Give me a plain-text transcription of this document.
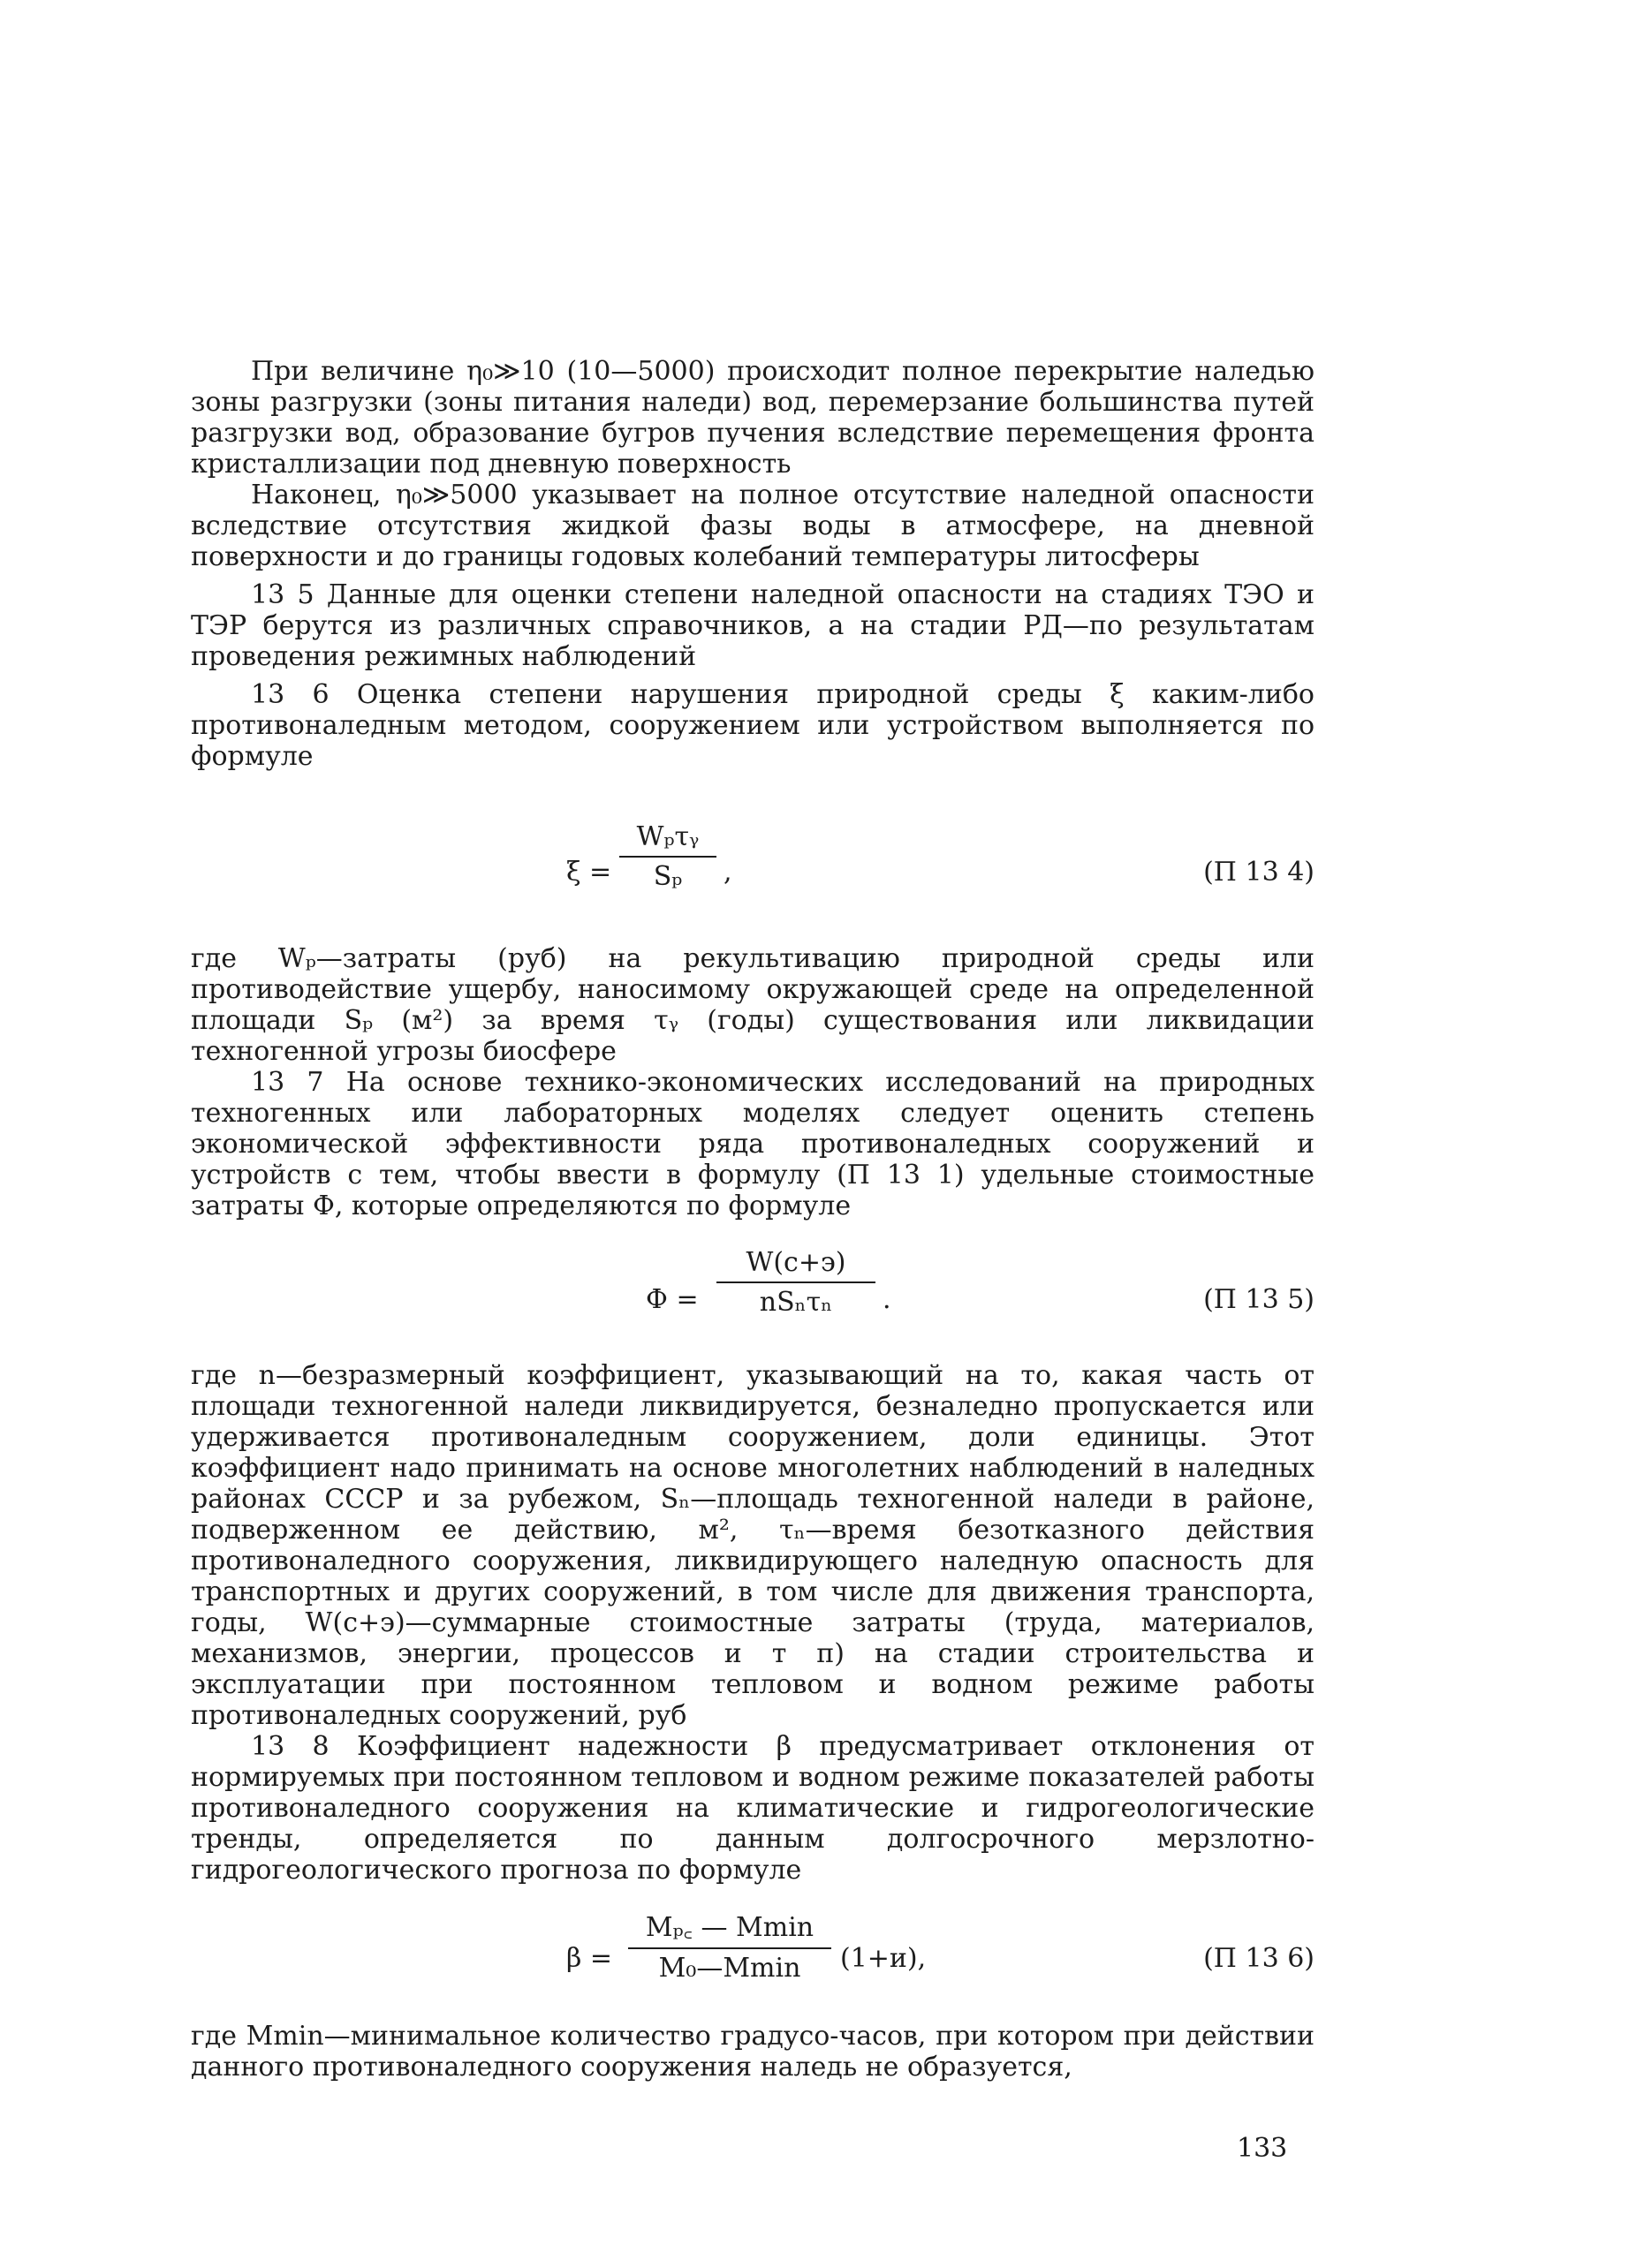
При величине η₀≫10 (10—5000) происходит полное перекрытие наледью зоны разгрузки (зоны питания наледи) вод, перемерзание большинства путей разгрузки вод, образование бугров пучения вследствие перемещения фронта кристаллизации под дневную поверхность

Наконец, η₀≫5000 указывает на полное отсутствие наледной опасности вследствие отсутствия жидкой фазы воды в атмосфере, на дневной поверхности и до границы годовых колебаний температуры литосферы

13 5 Данные для оценки степени наледной опасности на стадиях ТЭО и ТЭР берутся из различных справочников, а на стадии РД—по результатам проведения режимных наблюдений

13 6 Оценка степени нарушения природной среды ξ каким-либо противоналедным методом, сооружением или устройством выполняется по формуле

ξ =
Wₚτᵧ
Sₚ	,	(П 13 4)

где Wₚ—затраты (руб) на рекультивацию природной среды или противодействие ущербу, наносимому окружающей среде на определенной площади Sₚ (м²) за время τᵧ (годы) существования или ликвидации техногенной угрозы биосфере

13 7 На основе технико-экономических исследований на природных техногенных или лабораторных моделях следует оценить степень экономической эффективности ряда противоналедных сооружений и устройств с тем, чтобы ввести в формулу (П 13 1) удельные стоимостные затраты Ф, которые определяются по формуле

Ф =
W(с+э)
nSₙτₙ	.	(П 13 5)

где n—безразмерный коэффициент, указывающий на то, какая часть от площади техногенной наледи ликвидируется, безналедно пропускается или удерживается противоналедным сооружением, доли единицы. Этот коэффициент надо принимать на основе многолетних наблюдений в наледных районах СССР и за рубежом, Sₙ—площадь техногенной наледи в районе, подверженном ее действию, м², τₙ—время безотказного действия противоналедного сооружения, ликвидирующего наледную опасность для транспортных и других сооружений, в том числе для движения транспорта, годы, W(с+э)—суммарные стоимостные затраты (труда, материалов, механизмов, энергии, процессов и т п) на стадии строительства и эксплуатации при постоянном тепловом и водном режиме работы противоналедных сооружений, руб

13 8 Коэффициент надежности β предусматривает отклонения от нормируемых при постоянном тепловом и водном режиме показателей работы противоналедного сооружения на климатические и гидрогеологические тренды, определяется по данным долгосрочного мерзлотно-гидрогеологического прогноза по формуле

β =
Mₚ꜀ — Mmin
M₀—Mmin	(1+и),	(П 13 6)

где Mmin—минимальное количество градусо-часов, при котором при действии данного противоналедного сооружения наледь не образуется,

133
